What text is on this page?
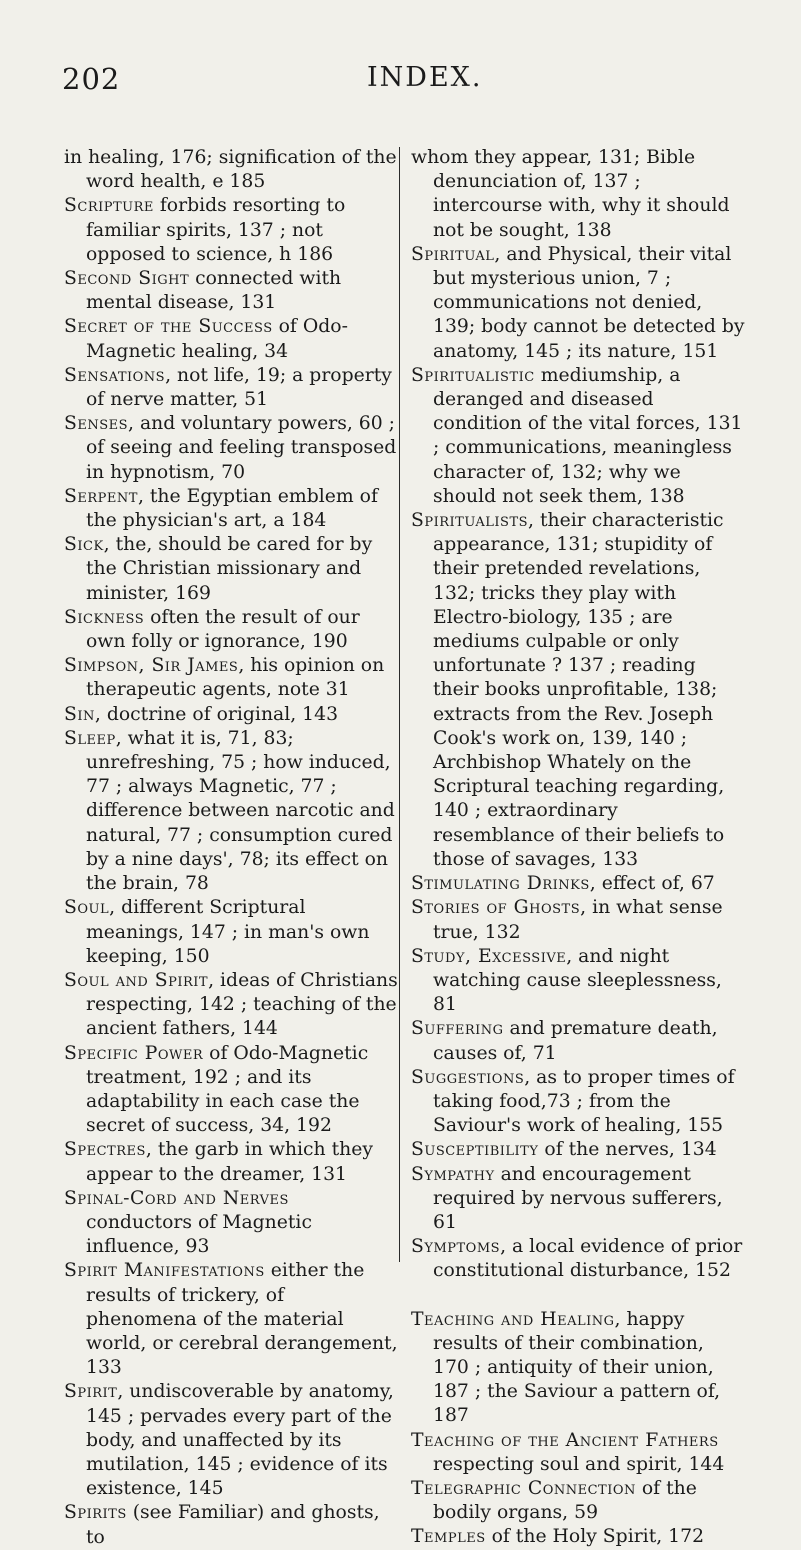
202	INDEX.

in healing, 176; signification of the word health, e 185

Scripture forbids resorting to familiar spirits, 137 ; not opposed to science, h 186

Second Sight connected with mental disease, 131

Secret of the Success of Odo-Magnetic healing, 34

Sensations, not life, 19; a property of nerve matter, 51

Senses, and voluntary powers, 60 ; of seeing and feeling transposed in hypnotism, 70

Serpent, the Egyptian emblem of the physician's art, a 184

Sick, the, should be cared for by the Christian missionary and minister, 169

Sickness often the result of our own folly or ignorance, 190

Simpson, Sir James, his opinion on therapeutic agents, note 31

Sin, doctrine of original, 143

Sleep, what it is, 71, 83; unrefreshing, 75 ; how induced, 77 ; always Magnetic, 77 ; difference between narcotic and natural, 77 ; consumption cured by a nine days', 78; its effect on the brain, 78

Soul, different Scriptural meanings, 147 ; in man's own keeping, 150

Soul and Spirit, ideas of Christians respecting, 142 ; teaching of the ancient fathers, 144

Specific Power of Odo-Magnetic treatment, 192 ; and its adaptability in each case the secret of success, 34, 192

Spectres, the garb in which they appear to the dreamer, 131

Spinal-Cord and Nerves conductors of Magnetic influence, 93

Spirit Manifestations either the results of trickery, of phenomena of the material world, or cerebral derangement, 133

Spirit, undiscoverable by anatomy, 145 ; pervades every part of the body, and unaffected by its mutilation, 145 ; evidence of its existence, 145

Spirits (see Familiar) and ghosts, to

whom they appear, 131; Bible denunciation of, 137 ; intercourse with, why it should not be sought, 138

Spiritual, and Physical, their vital but mysterious union, 7 ; communications not denied, 139; body cannot be detected by anatomy, 145 ; its nature, 151

Spiritualistic mediumship, a deranged and diseased condition of the vital forces, 131 ; communications, meaningless character of, 132; why we should not seek them, 138

Spiritualists, their characteristic appearance, 131; stupidity of their pretended revelations, 132; tricks they play with Electro-biology, 135 ; are mediums culpable or only unfortunate ? 137 ; reading their books unprofitable, 138; extracts from the Rev. Joseph Cook's work on, 139, 140 ; Archbishop Whately on the Scriptural teaching regarding, 140 ; extraordinary resemblance of their beliefs to those of savages, 133

Stimulating Drinks, effect of, 67

Stories of Ghosts, in what sense true, 132

Study, Excessive, and night watching cause sleeplessness, 81

Suffering and premature death, causes of, 71

Suggestions, as to proper times of taking food,73 ; from the Saviour's work of healing, 155

Susceptibility of the nerves, 134

Sympathy and encouragement required by nervous sufferers, 61

Symptoms, a local evidence of prior constitutional disturbance, 152

Teaching and Healing, happy results of their combination, 170 ; antiquity of their union, 187 ; the Saviour a pattern of, 187

Teaching of the Ancient Fathers respecting soul and spirit, 144

Telegraphic Connection of the bodily organs, 59

Temples of the Holy Spirit, 172
